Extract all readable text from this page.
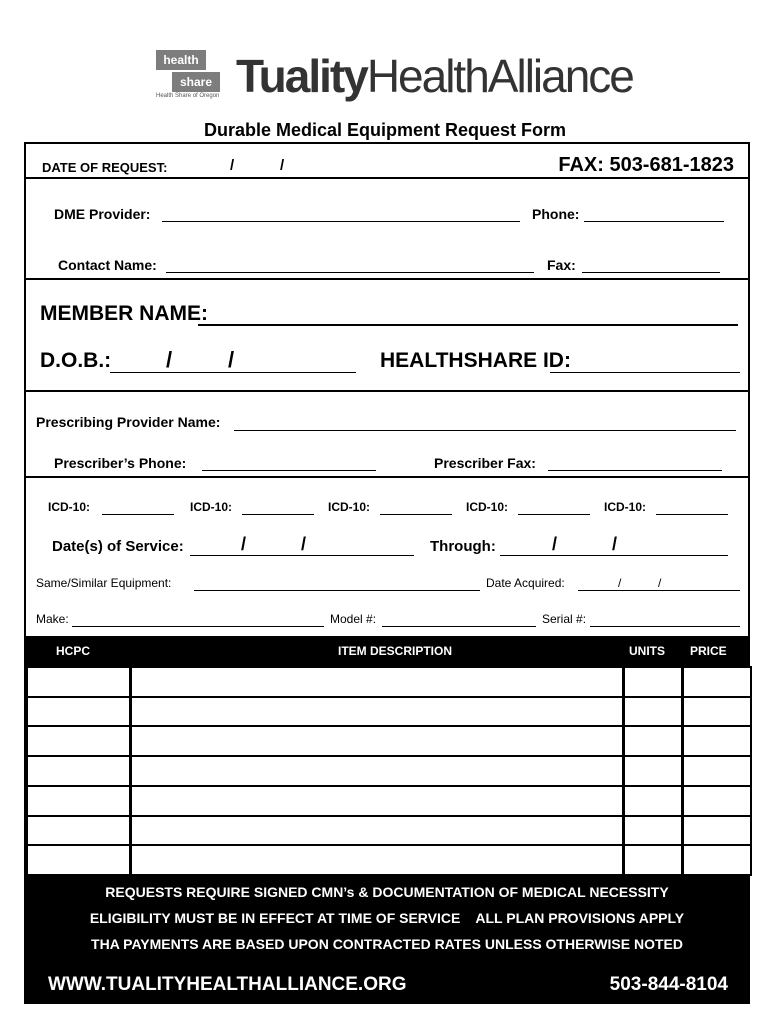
health
share
Health Share of Oregon TualityHealthAlliance
Durable Medical Equipment Request Form
DATE OF REQUEST:	/	/	FAX: 503-681-1823
DME Provider:	Phone:
Contact Name:	Fax:
MEMBER NAME:
D.O.B.: /	/	HEALTHSHARE ID:
Prescribing Provider Name:
Prescriber’s Phone:	Prescriber Fax:
ICD-10:	ICD-10:	ICD-10:	ICD-10:	ICD-10:
Date(s) of Service:	/	/	Through:	/	/
Same/Similar Equipment:	Date Acquired:	/	/
Make:	Model #:	Serial #:
HCPC	ITEM DESCRIPTION	UNITS PRICE
REQUESTS REQUIRE SIGNED CMN’s & DOCUMENTATION OF MEDICAL NECESSITY
ELIGIBILITY MUST BE IN EFFECT AT TIME OF SERVICE    ALL PLAN PROVISIONS APPLY
THA PAYMENTS ARE BASED UPON CONTRACTED RATES UNLESS OTHERWISE NOTED
WWW.TUALITYHEALTHALLIANCE.ORG	503-844-8104
